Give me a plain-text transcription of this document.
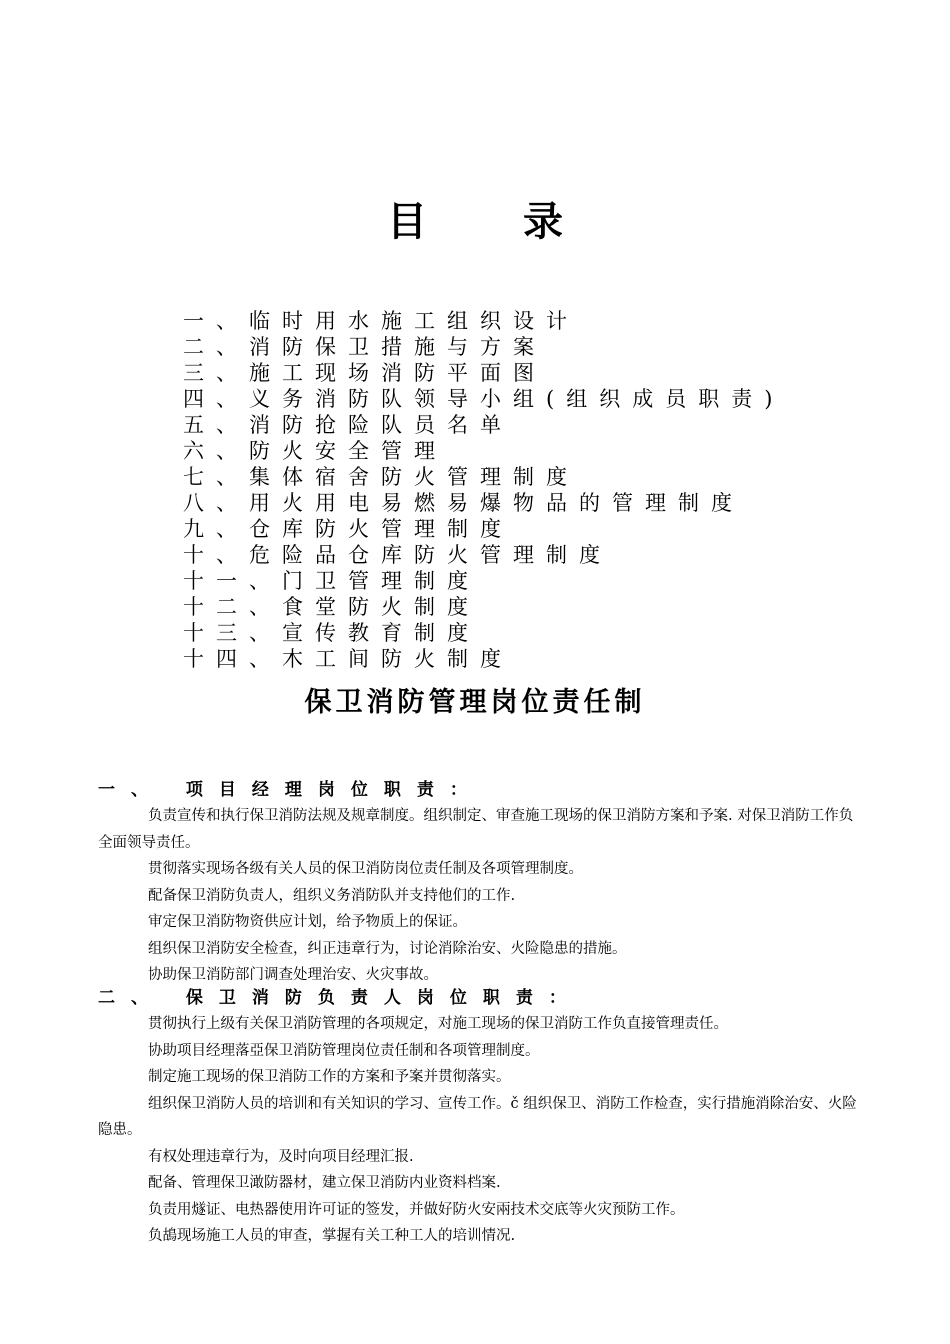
目录
一、临时用水施工组织设计
二、消防保卫措施与方案
三、施工现场消防平面图
四、义务消防队领导小组(组织成员职责)
五、消防抢险队员名单
六、防火安全管理
七、集体宿舍防火管理制度
八、用火用电易燃易爆物品的管理制度
九、仓库防火管理制度
十、危险品仓库防火管理制度
十一、门卫管理制度
十二、食堂防火制度
十三、宣传教育制度
十四、木工间防火制度
保卫消防管理岗位责任制
一、 项目经理岗位职责：

负责宣传和执行保卫消防法规及规章制度。组织制定、审查施工现场的保卫消防方案和予案. 对保卫消防工作负全面领导责任。

贯彻落实现场各级有关人员的保卫消防岗位责任制及各项管理制度。

配备保卫消防负责人，组织义务消防队并支持他们的工作.

审定保卫消防物资供应计划，给予物质上的保证。

组织保卫消防安全检查，纠正违章行为，讨论消除治安、火险隐患的措施。

协助保卫消防部门调查处理治安、火灾事故。

二、 保卫消防负责人岗位职责：

贯彻执行上级有关保卫消防管理的各项规定，对施工现场的保卫消防工作负直接管理责任。

协助项目经理落亞保卫消防管理岗位责任制和各项管理制度。

制定施工现场的保卫消防工作的方案和予案并贯彻落实。

组织保卫消防人员的培训和有关知识的学习、宣传工作。č 组织保卫、消防工作检查，实行措施消除治安、火险隐患。

有权处理违章行为，及时向项目经理汇报.

配备、管理保卫澉防器材，建立保卫消防内业资料档案.

负责用燧证、电热器使用许可证的签发，并做好防火安兩技术交底等火灾预防工作。

负鴣现场施工人员的审查，掌握有关工种工人的培训情况.
